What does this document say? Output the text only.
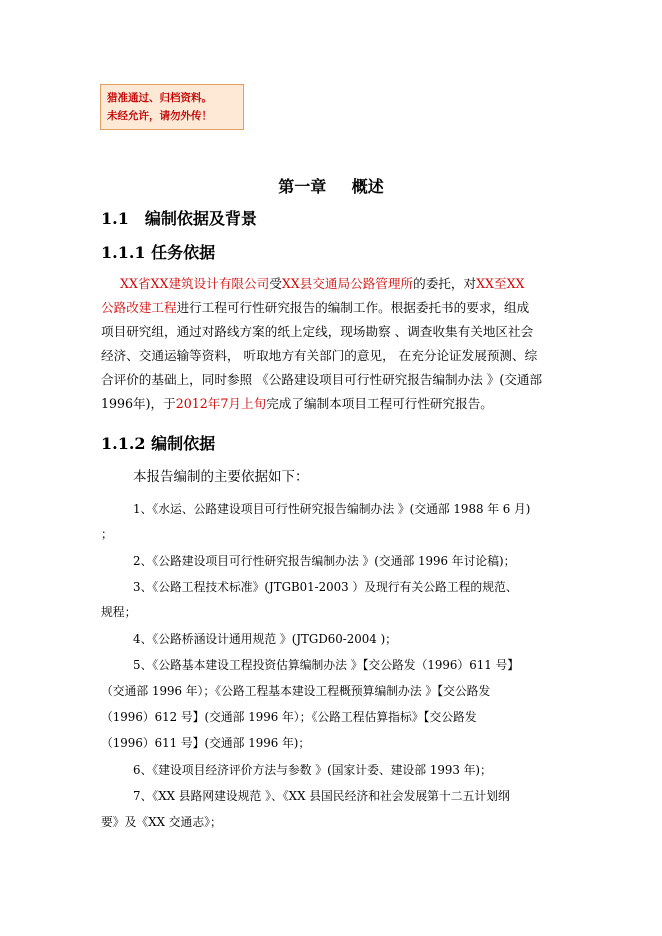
猎准通过、归档资料。
未经允许，请勿外传！
第一章 概述
1.1　编制依据及背景
1.1.1 任务依据
XX省XX建筑设计有限公司受XX县交通局公路管理所的委托，对XX至XX
公路改建工程进行工程可行性研究报告的编制工作。根据委托书的要求，组成
项目研究组，通过对路线方案的纸上定线，现场勘察 、调查收集有关地区社会
经济、交通运输等资料， 听取地方有关部门的意见， 在充分论证发展预测、综
合评价的基础上，同时参照 《公路建设项目可行性研究报告编制办法 》(交通部
1996年)，于2012年7月上旬完成了编制本项目工程可行性研究报告。
1.1.2 编制依据
本报告编制的主要依据如下：
1、《水运、公路建设项目可行性研究报告编制办法 》(交通部 1988 年 6 月)
；
2、《公路建设项目可行性研究报告编制办法 》(交通部 1996 年讨论稿)；
3、《公路工程技术标准》(JTGB01-2003 ）及现行有关公路工程的规范、
规程；
4、《公路桥涵设计通用规范 》(JTGD60-2004 )；
5、《公路基本建设工程投资估算编制办法 》【交公路发（1996）611 号】
（交通部 1996 年）；《公路工程基本建设工程概预算编制办法 》【交公路发
（1996）612 号】(交通部 1996 年）；《公路工程估算指标》【交公路发
（1996）611 号】(交通部 1996 年)；
6、《建设项目经济评价方法与参数 》(国家计委、建设部 1993 年)；
7、《XX 县路网建设规范 》、《XX 县国民经济和社会发展第十二五计划纲
要》及《XX 交通志》；
